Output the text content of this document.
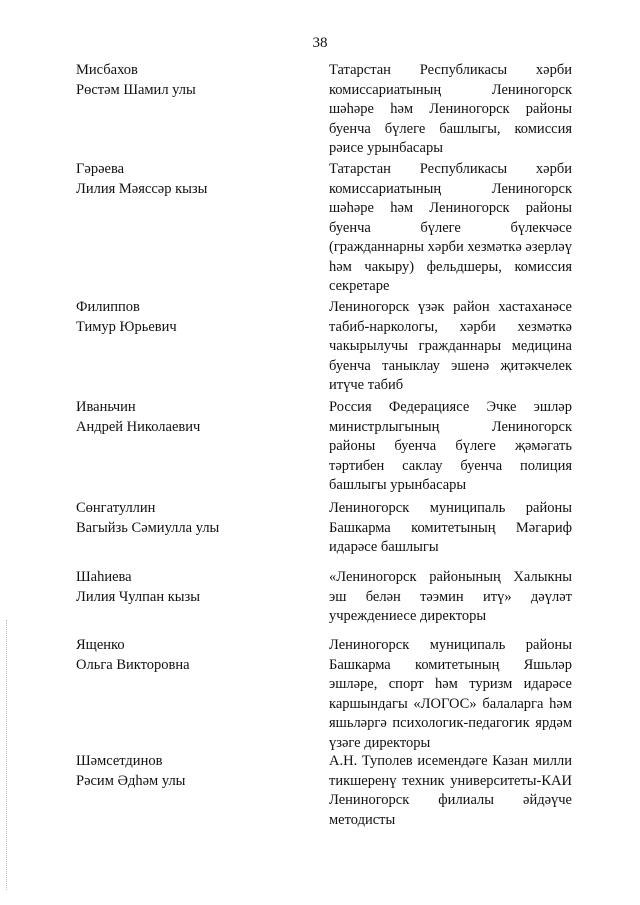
38
Мисбахов
Рөстәм Шамил улы
Татарстан Республикасы хәрби комиссариатының Лениногорск шәһәре һәм Лениногорск районы буенча бүлеге башлыгы, комиссия рәисе урынбасары
Гәрәева
Лилия Мәяссәр кызы
Татарстан Республикасы хәрби комиссариатының Лениногорск шәһәре һәм Лениногорск районы буенча бүлеге бүлекчәсе (гражданнарны хәрби хезмәткә әзерләү һәм чакыру) фельдшеры, комиссия секретаре
Филиппов
Тимур Юрьевич
Лениногорск үзәк район хастаханәсе табиб-наркологы, хәрби хезмәткә чакырылучы гражданнары медицина буенча таныклау эшенә җитәкчелек итүче табиб
Иваньчин
Андрей Николаевич
Россия Федерациясе Эчке эшләр министрлыгының Лениногорск районы буенча бүлеге җәмәгать тәртибен саклау буенча полиция башлыгы урынбасары
Сөнгатуллин
Вагыйзь Сәмиулла улы
Лениногорск муниципаль районы Башкарма комитетының Мәгариф идарәсе башлыгы
Шаһиева
Лилия Чулпан кызы
«Лениногорск районының Халыкны эш белән тәэмин итү» дәүләт учреждениесе директоры
Ященко
Ольга Викторовна
Лениногорск муниципаль районы Башкарма комитетының Яшьләр эшләре, спорт һәм туризм идарәсе каршындагы «ЛОГОС» балаларга һәм яшьләргә психологик-педагогик ярдәм үзәге директоры
Шәмсетдинов
Рәсим Әдһәм улы
А.Н. Туполев исемендәге Казан милли тикшеренү техник университеты-КАИ Лениногорск филиалы әйдәүче методисты
